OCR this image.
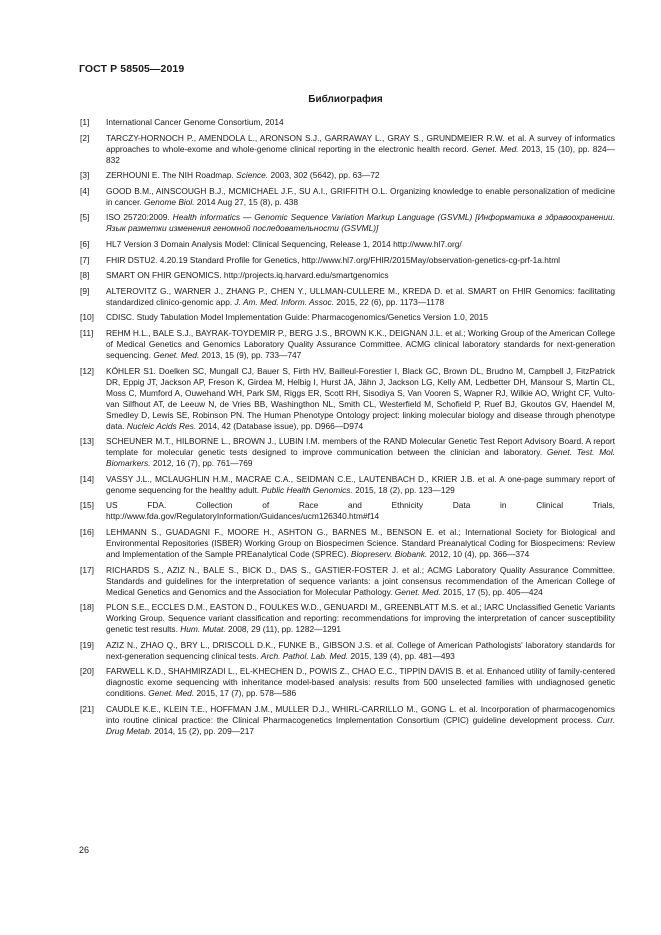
ГОСТ Р 58505—2019
Библиография
[1]	International Cancer Genome Consortium, 2014
[2]	TARCZY-HORNOCH P., AMENDOLA L., ARONSON S.J., GARRAWAY L., GRAY S., GRUNDMEIER R.W. et al. A survey of informatics approaches to whole-exome and whole-genome clinical reporting in the electronic health record. Genet. Med. 2013, 15 (10), pp. 824—832
[3]	ZERHOUNI E. The NIH Roadmap. Science. 2003, 302 (5642), pp. 63—72
[4]	GOOD B.M., AINSCOUGH B.J., MCMICHAEL J.F., SU A.I., GRIFFITH O.L. Organizing knowledge to enable personalization of medicine in cancer. Genome Biol. 2014 Aug 27, 15 (8), p. 438
[5]	ISO 25720:2009. Health informatics — Genomic Sequence Variation Markup Language (GSVML) [Информатика в здравоохранении. Язык разметки изменения геномной последовательности (GSVML)]
[6]	HL7 Version 3 Domain Analysis Model: Clinical Sequencing, Release 1, 2014 http://www.hl7.org/
[7]	FHIR DSTU2. 4.20.19 Standard Profile for Genetics, http://www.hl7.org/FHIR/2015May/observation-genetics-cg-prf-1a.html
[8]	SMART ON FHIR GENOMICS. http://projects.iq.harvard.edu/smartgenomics
[9]	ALTEROVITZ G., WARNER J., ZHANG P., CHEN Y., ULLMAN-CULLERE M., KREDA D. et al. SMART on FHIR Genomics: facilitating standardized clinico-genomic app. J. Am. Med. Inform. Assoc. 2015, 22 (6), pp. 1173—1178
[10]	CDISC. Study Tabulation Model Implementation Guide: Pharmacogenomics/Genetics Version 1.0, 2015
[11]	REHM H.L., BALE S.J., BAYRAK-TOYDEMIR P., BERG J.S., BROWN K.K., DEIGNAN J.L. et al.; Working Group of the American College of Medical Genetics and Genomics Laboratory Quality Assurance Committee. ACMG clinical laboratory standards for next-generation sequencing. Genet. Med. 2013, 15 (9), pp. 733—747
[12]	KÖHLER S1. Doelken SC, Mungall CJ, Bauer S, Firth HV, Bailleul-Forestier I, Black GC, Brown DL, Brudno M, Campbell J, FitzPatrick DR, Eppig JT, Jackson AP, Freson K, Girdea M, Helbig I, Hurst JA, Jähn J, Jackson LG, Kelly AM, Ledbetter DH, Mansour S, Martin CL, Moss C, Mumford A, Ouwehand WH, Park SM, Riggs ER, Scott RH, Sisodiya S, Van Vooren S, Wapner RJ, Wilkie AO, Wright CF, Vulto-van Silfhout AT, de Leeuw N, de Vries BB, Washingthon NL, Smith CL, Westerfield M, Schofield P, Ruef BJ, Gkoutos GV, Haendel M, Smedley D, Lewis SE, Robinson PN. The Human Phenotype Ontology project: linking molecular biology and disease through phenotype data. Nucleic Acids Res. 2014, 42 (Database issue), pp. D966—D974
[13]	SCHEUNER M.T., HILBORNE L., BROWN J., LUBIN I.M. members of the RAND Molecular Genetic Test Report Advisory Board. A report template for molecular genetic tests designed to improve communication between the clinician and laboratory. Genet. Test. Mol. Biomarkers. 2012, 16 (7), pp. 761—769
[14]	VASSY J.L., MCLAUGHLIN H.M., MACRAE C.A., SEIDMAN C.E., LAUTENBACH D., KRIER J.B. et al. A one-page summary report of genome sequencing for the healthy adult. Public Health Genomics. 2015, 18 (2), pp. 123—129
[15]	US FDA. Collection of Race and Ethnicity Data in Clinical Trials, http://www.fda.gov/RegulatoryInformation/Guidances/ucm126340.htm#f14
[16]	LEHMANN S., GUADAGNI F., MOORE H., ASHTON G., BARNES M., BENSON E. et al.; International Society for Biological and Environmental Repositories (ISBER) Working Group on Biospecimen Science. Standard Preanalytical Coding for Biospecimens: Review and Implementation of the Sample PREanalytical Code (SPREC). Biopreserv. Biobank. 2012, 10 (4), pp. 366—374
[17]	RICHARDS S., AZIZ N., BALE S., BICK D., DAS S., GASTIER-FOSTER J. et al.; ACMG Laboratory Quality Assurance Committee. Standards and guidelines for the interpretation of sequence variants: a joint consensus recommendation of the American College of Medical Genetics and Genomics and the Association for Molecular Pathology. Genet. Med. 2015, 17 (5), pp. 405—424
[18]	PLON S.E., ECCLES D.M., EASTON D., FOULKES W.D., GENUARDI M., GREENBLATT M.S. et al.; IARC Unclassified Genetic Variants Working Group. Sequence variant classification and reporting: recommendations for improving the interpretation of cancer susceptibility genetic test results. Hum. Mutat. 2008, 29 (11), pp. 1282—1291
[19]	AZIZ N., ZHAO Q., BRY L., DRISCOLL D.K., FUNKE B., GIBSON J.S. et al. College of American Pathologists' laboratory standards for next-generation sequencing clinical tests. Arch. Pathol. Lab. Med. 2015, 139 (4), pp. 481—493
[20]	FARWELL K.D., SHAHMIRZADI L., EL-KHECHEN D., POWIS Z., CHAO E.C., TIPPIN DAVIS B. et al. Enhanced utility of family-centered diagnostic exome sequencing with inheritance model-based analysis: results from 500 unselected families with undiagnosed genetic conditions. Genet. Med. 2015, 17 (7), pp. 578—586
[21]	CAUDLE K.E., KLEIN T.E., HOFFMAN J.M., MULLER D.J., WHIRL-CARRILLO M., GONG L. et al. Incorporation of pharmacogenomics into routine clinical practice: the Clinical Pharmacogenetics Implementation Consortium (CPIC) guideline development process. Curr. Drug Metab. 2014, 15 (2), pp. 209—217
26
